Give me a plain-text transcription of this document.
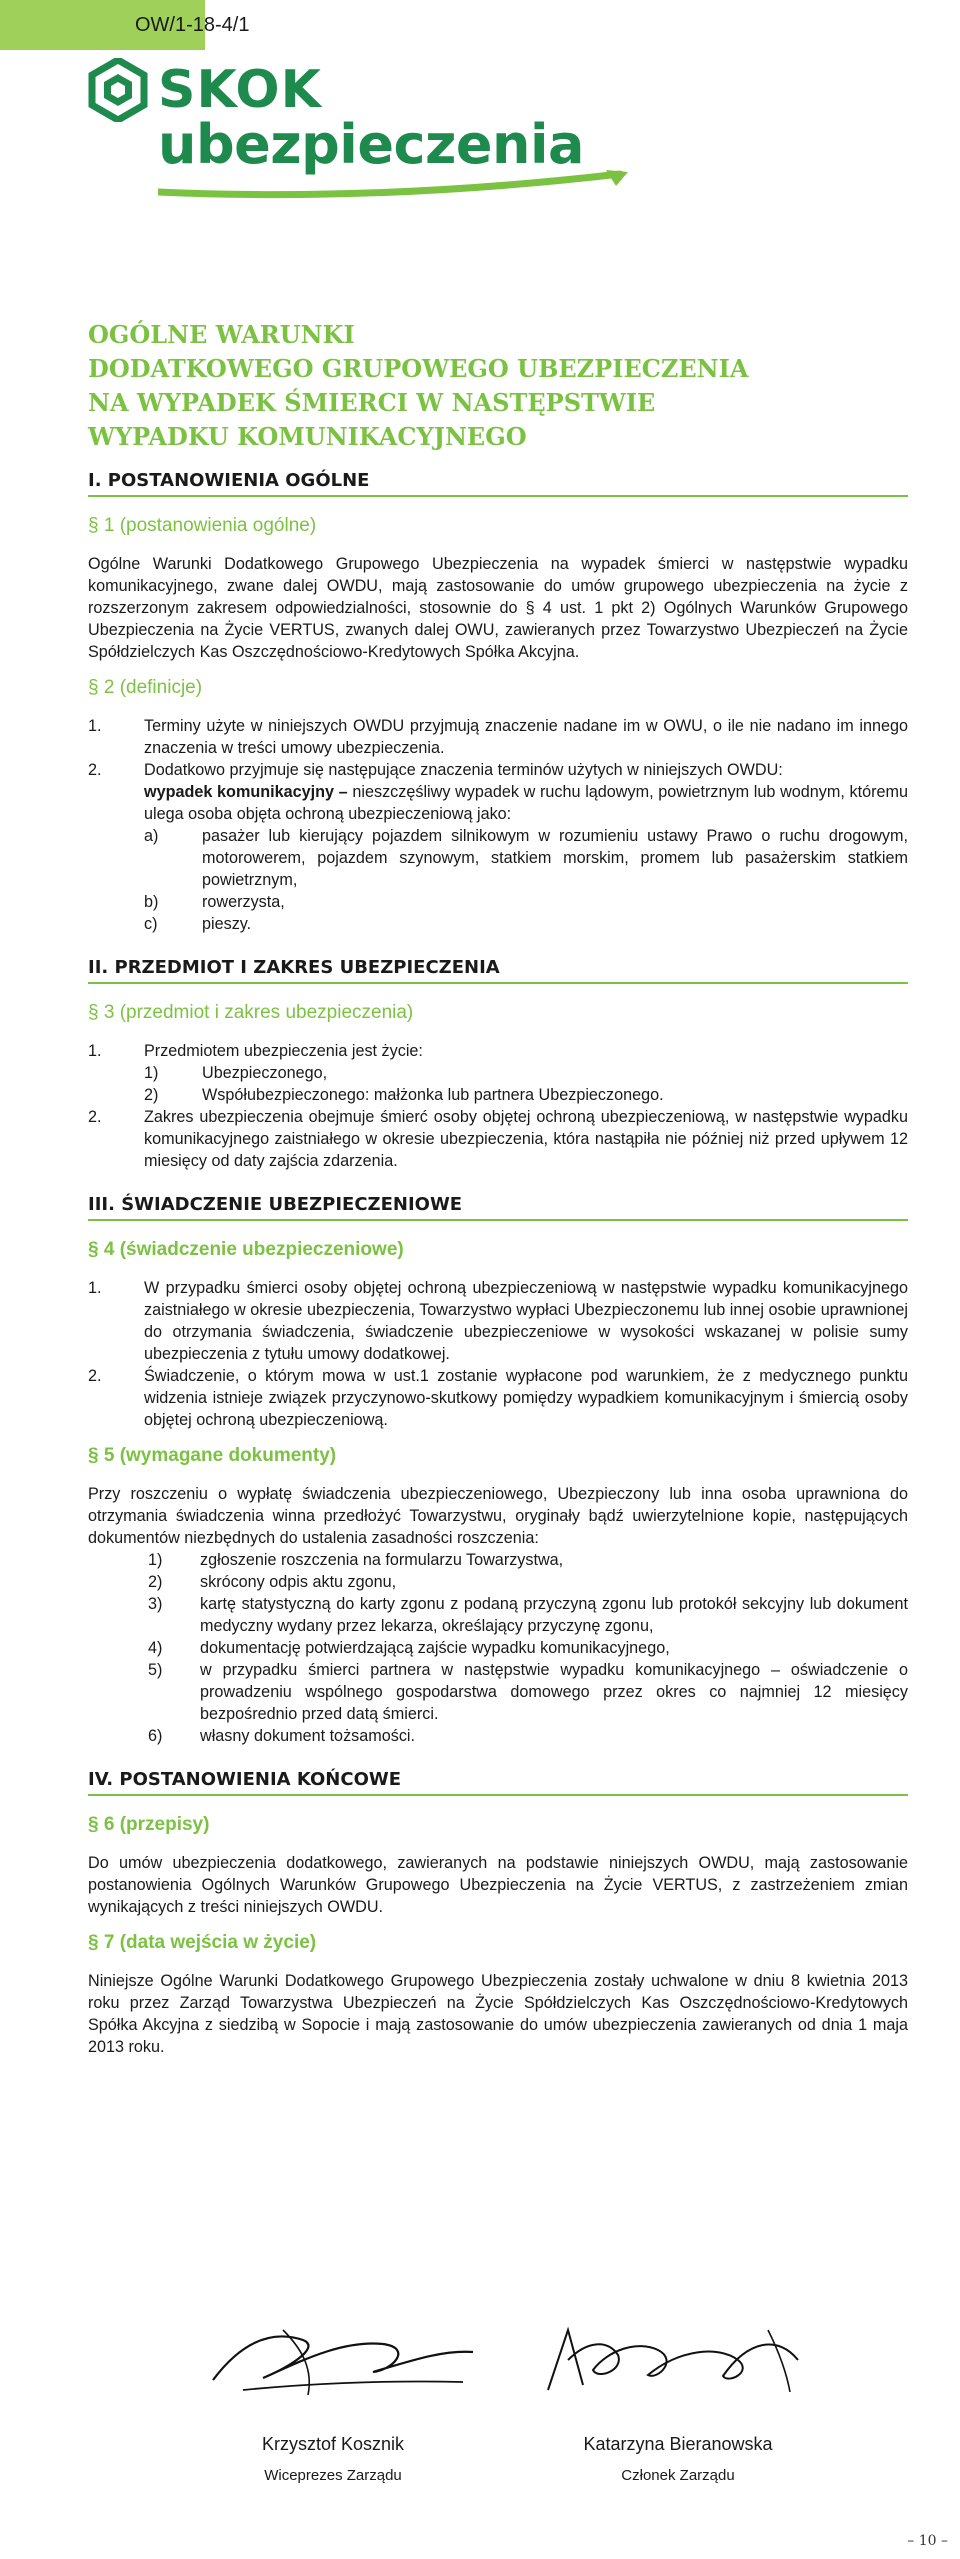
OW/1-18-4/1
SKOK
ubezpieczenia
OGÓLNE WARUNKI
DODATKOWEGO GRUPOWEGO UBEZPIECZENIA
NA WYPADEK ŚMIERCI W NASTĘPSTWIE
WYPADKU KOMUNIKACYJNEGO
I. POSTANOWIENIA OGÓLNE
§ 1 (postanowienia ogólne)

Ogólne Warunki Dodatkowego Grupowego Ubezpieczenia na wypadek śmierci w następstwie wypadku komunikacyjnego, zwane dalej OWDU, mają zastosowanie do umów grupowego ubezpieczenia na życie z rozszerzonym zakresem odpowiedzialności, stosownie do § 4 ust. 1 pkt 2) Ogólnych Warunków Grupowego Ubezpieczenia na Życie VERTUS, zwanych dalej OWU, zawieranych przez Towarzystwo Ubezpieczeń na Życie Spółdzielczych Kas Oszczędnościowo-Kredytowych Spółka Akcyjna.

§ 2 (definicje)
1.	Terminy użyte w niniejszych OWDU przyjmują znaczenie nadane im w OWU, o ile nie nadano im innego znaczenia w treści umowy ubezpieczenia.
2.	Dodatkowo przyjmuje się następujące znaczenia terminów użytych w niniejszych OWDU:
wypadek komunikacyjny – nieszczęśliwy wypadek w ruchu lądowym, powietrznym lub wodnym, któremu ulega osoba objęta ochroną ubezpieczeniową jako:
a)	pasażer lub kierujący pojazdem silnikowym w rozumieniu ustawy Prawo o ruchu drogowym, motorowerem, pojazdem szynowym, statkiem morskim, promem lub pasażerskim statkiem powietrznym,
b)	rowerzysta,
c)	pieszy.
II. PRZEDMIOT I ZAKRES UBEZPIECZENIA
§ 3 (przedmiot i zakres ubezpieczenia)
1.	Przedmiotem ubezpieczenia jest życie:
1)	Ubezpieczonego,
2)	Współubezpieczonego: małżonka lub partnera Ubezpieczonego.
2.	Zakres ubezpieczenia obejmuje śmierć osoby objętej ochroną ubezpieczeniową, w następstwie wypadku komunikacyjnego zaistniałego w okresie ubezpieczenia, która nastąpiła nie później niż przed upływem 12 miesięcy od daty zajścia zdarzenia.
III. ŚWIADCZENIE UBEZPIECZENIOWE
§ 4 (świadczenie ubezpieczeniowe)
1.	W przypadku śmierci osoby objętej ochroną ubezpieczeniową w następstwie wypadku komunikacyjnego zaistniałego w okresie ubezpieczenia, Towarzystwo wypłaci Ubezpieczonemu lub innej osobie uprawnionej do otrzymania świadczenia, świadczenie ubezpieczeniowe w wysokości wskazanej w polisie sumy ubezpieczenia z tytułu umowy dodatkowej.
2.	Świadczenie, o którym mowa w ust.1 zostanie wypłacone pod warunkiem, że z medycznego punktu widzenia istnieje związek przyczynowo-skutkowy pomiędzy wypadkiem komunikacyjnym i śmiercią osoby objętej ochroną ubezpieczeniową.
§ 5 (wymagane dokumenty)

Przy roszczeniu o wypłatę świadczenia ubezpieczeniowego, Ubezpieczony lub inna osoba uprawniona do otrzymania świadczenia winna przedłożyć Towarzystwu, oryginały bądź uwierzytelnione kopie, następujących dokumentów niezbędnych do ustalenia zasadności roszczenia:

1) zgłoszenie roszczenia na formularzu Towarzystwa,
2) skrócony odpis aktu zgonu,
3) kartę statystyczną do karty zgonu z podaną przyczyną zgonu lub protokół sekcyjny lub dokument medyczny wydany przez lekarza, określający przyczynę zgonu,
4) dokumentację potwierdzającą zajście wypadku komunikacyjnego,
5) w przypadku śmierci partnera w następstwie wypadku komunikacyjnego – oświadczenie o prowadzeniu wspólnego gospodarstwa domowego przez okres co najmniej 12 miesięcy bezpośrednio przed datą śmierci.
6) własny dokument tożsamości.
IV. POSTANOWIENIA KOŃCOWE
§ 6 (przepisy)

Do umów ubezpieczenia dodatkowego, zawieranych na podstawie niniejszych OWDU, mają zastosowanie postanowienia Ogólnych Warunków Grupowego Ubezpieczenia na Życie VERTUS, z zastrzeżeniem zmian wynikających z treści niniejszych OWDU.

§ 7 (data wejścia w życie)

Niniejsze Ogólne Warunki Dodatkowego Grupowego Ubezpieczenia zostały uchwalone w dniu 8 kwietnia 2013 roku przez Zarząd Towarzystwa Ubezpieczeń na Życie Spółdzielczych Kas Oszczędnościowo-Kredytowych Spółka Akcyjna z siedzibą w Sopocie i mają zastosowanie do umów ubezpieczenia zawieranych od dnia 1 maja 2013 roku.

Krzysztof Kosznik
Wiceprezes Zarządu
Katarzyna Bieranowska
Członek Zarządu
– 10 –
